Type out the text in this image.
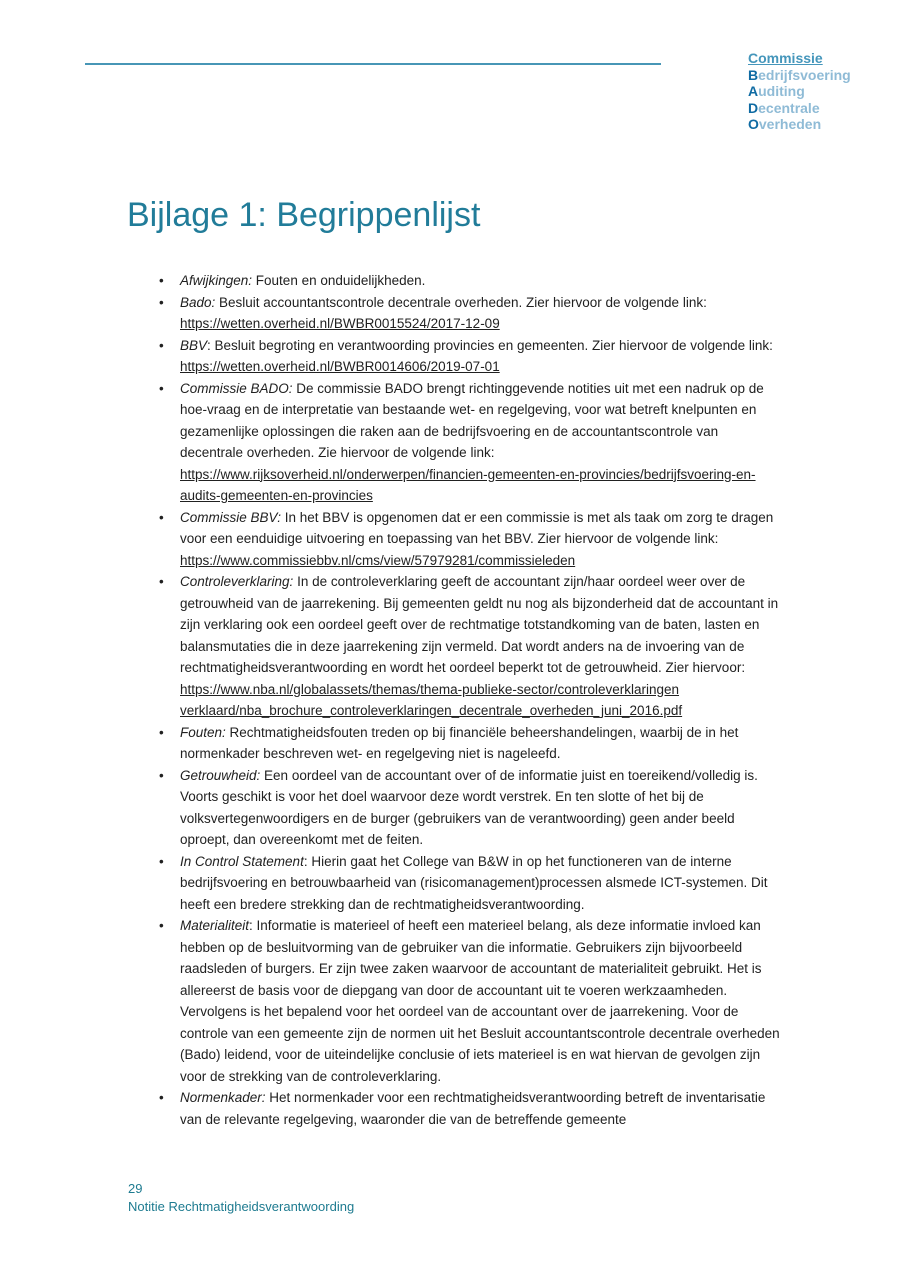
Commissie
Bedrijfsvoering
Auditing
Decentrale
Overheden
Bijlage 1: Begrippenlijst
• Afwijkingen: Fouten en onduidelijkheden.
• Bado: Besluit accountantscontrole decentrale overheden. Zier hiervoor de volgende link: https://wetten.overheid.nl/BWBR0015524/2017-12-09
• BBV: Besluit begroting en verantwoording provincies en gemeenten. Zier hiervoor de volgende link: https://wetten.overheid.nl/BWBR0014606/2019-07-01
• Commissie BADO: De commissie BADO brengt richtinggevende notities uit met een nadruk op de hoe-vraag en de interpretatie van bestaande wet- en regelgeving, voor wat betreft knelpunten en gezamenlijke oplossingen die raken aan de bedrijfsvoering en de accountantscontrole van decentrale overheden. Zie hiervoor de volgende link: https://www.rijksoverheid.nl/onderwerpen/financien-gemeenten-en-provincies/bedrijfsvoering-en-audits-gemeenten-en-provincies
• Commissie BBV: In het BBV is opgenomen dat er een commissie is met als taak om zorg te dragen voor een eenduidige uitvoering en toepassing van het BBV. Zier hiervoor de volgende link: https://www.commissiebbv.nl/cms/view/57979281/commissieleden
• Controleverklaring: In de controleverklaring geeft de accountant zijn/haar oordeel weer over de getrouwheid van de jaarrekening. Bij gemeenten geldt nu nog als bijzonderheid dat de accountant in zijn verklaring ook een oordeel geeft over de rechtmatige totstandkoming van de baten, lasten en balansmutaties die in deze jaarrekening zijn vermeld. Dat wordt anders na de invoering van de rechtmatigheidsverantwoording en wordt het oordeel beperkt tot de getrouwheid. Zier hiervoor: https://www.nba.nl/globalassets/themas/thema-publieke-sector/controleverklaringen verklaard/nba_brochure_controleverklaringen_decentrale_overheden_juni_2016.pdf
• Fouten: Rechtmatigheidsfouten treden op bij financiële beheershandelingen, waarbij de in het normenkader beschreven wet- en regelgeving niet is nageleefd.
• Getrouwheid: Een oordeel van de accountant over of de informatie juist en toereikend/volledig is. Voorts geschikt is voor het doel waarvoor deze wordt verstrek. En ten slotte of het bij de volksvertegenwoordigers en de burger (gebruikers van de verantwoording) geen ander beeld oproept, dan overeenkomt met de feiten.
• In Control Statement: Hierin gaat het College van B&W in op het functioneren van de interne bedrijfsvoering en betrouwbaarheid van (risicomanagement)processen alsmede ICT-systemen. Dit heeft een bredere strekking dan de rechtmatigheidsverantwoording.
• Materialiteit: Informatie is materieel of heeft een materieel belang, als deze informatie invloed kan hebben op de besluitvorming van de gebruiker van die informatie. Gebruikers zijn bijvoorbeeld raadsleden of burgers. Er zijn twee zaken waarvoor de accountant de materialiteit gebruikt. Het is allereerst de basis voor de diepgang van door de accountant uit te voeren werkzaamheden. Vervolgens is het bepalend voor het oordeel van de accountant over de jaarrekening. Voor de controle van een gemeente zijn de normen uit het Besluit accountantscontrole decentrale overheden (Bado) leidend, voor de uiteindelijke conclusie of iets materieel is en wat hiervan de gevolgen zijn voor de strekking van de controleverklaring.
• Normenkader: Het normenkader voor een rechtmatigheidsverantwoording betreft de inventarisatie van de relevante regelgeving, waaronder die van de betreffende gemeente
29
Notitie Rechtmatigheidsverantwoording
